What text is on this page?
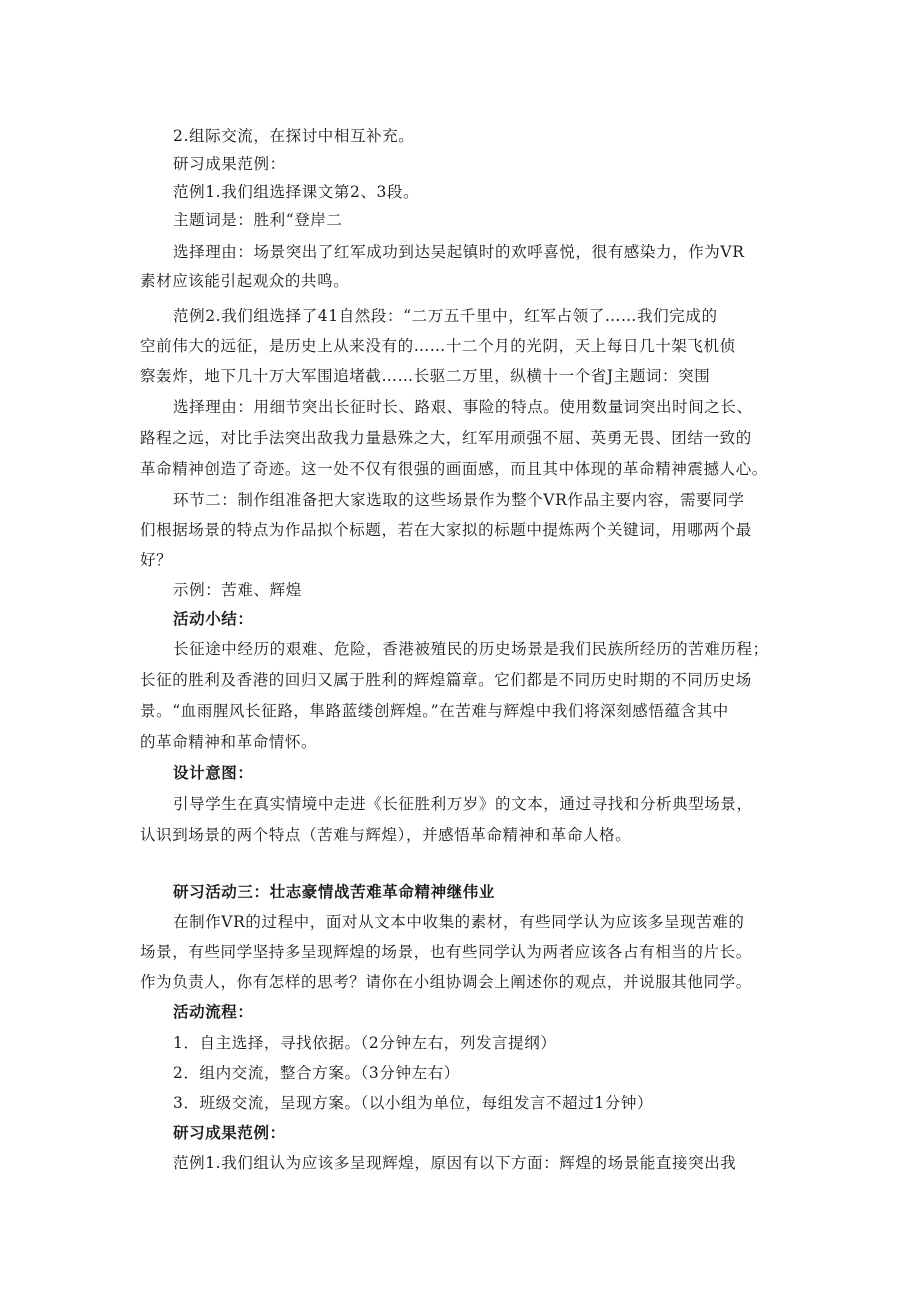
2.组际交流，在探讨中相互补充。
研习成果范例：
范例1.我们组选择课文第2、3段。
主题词是：胜利“登岸二
选择理由：场景突出了红军成功到达吴起镇时的欢呼喜悦，很有感染力，作为VR
素材应该能引起观众的共鸣。
范例2.我们组选择了41自然段：“二万五千里中，红军占领了……我们完成的
空前伟大的远征，是历史上从来没有的……十二个月的光阴，天上每日几十架飞机侦
察轰炸，地下几十万大军围追堵截……长驱二万里，纵横十一个省J主题词：突围
选择理由：用细节突出长征时长、路艰、事险的特点。使用数量词突出时间之长、
路程之远，对比手法突出敌我力量悬殊之大，红军用顽强不屈、英勇无畏、团结一致的
革命精神创造了奇迹。这一处不仅有很强的画面感，而且其中体现的革命精神震撼人心。
环节二：制作组准备把大家选取的这些场景作为整个VR作品主要内容，需要同学
们根据场景的特点为作品拟个标题，若在大家拟的标题中提炼两个关键词，用哪两个最
好？
示例：苦难、辉煌
活动小结：
长征途中经历的艰难、危险，香港被殖民的历史场景是我们民族所经历的苦难历程；
长征的胜利及香港的回归又属于胜利的辉煌篇章。它们都是不同历史时期的不同历史场
景。“血雨腥风长征路，隼路蓝缕创辉煌。”在苦难与辉煌中我们将深刻感悟蕴含其中
的革命精神和革命情怀。
设计意图：
引导学生在真实情境中走进《长征胜利万岁》的文本，通过寻找和分析典型场景，
认识到场景的两个特点（苦难与辉煌），并感悟革命精神和革命人格。
研习活动三：壮志豪情战苦难革命精神继伟业
在制作VR的过程中，面对从文本中收集的素材，有些同学认为应该多呈现苦难的
场景，有些同学坚持多呈现辉煌的场景，也有些同学认为两者应该各占有相当的片长。
作为负责人，你有怎样的思考？请你在小组协调会上阐述你的观点，并说服其他同学。
活动流程：
1．自主选择，寻找依据。（2分钟左右，列发言提纲）
2．组内交流，整合方案。（3分钟左右）
3．班级交流，呈现方案。（以小组为单位，每组发言不超过1分钟）
研习成果范例：
范例1.我们组认为应该多呈现辉煌，原因有以下方面：辉煌的场景能直接突出我
